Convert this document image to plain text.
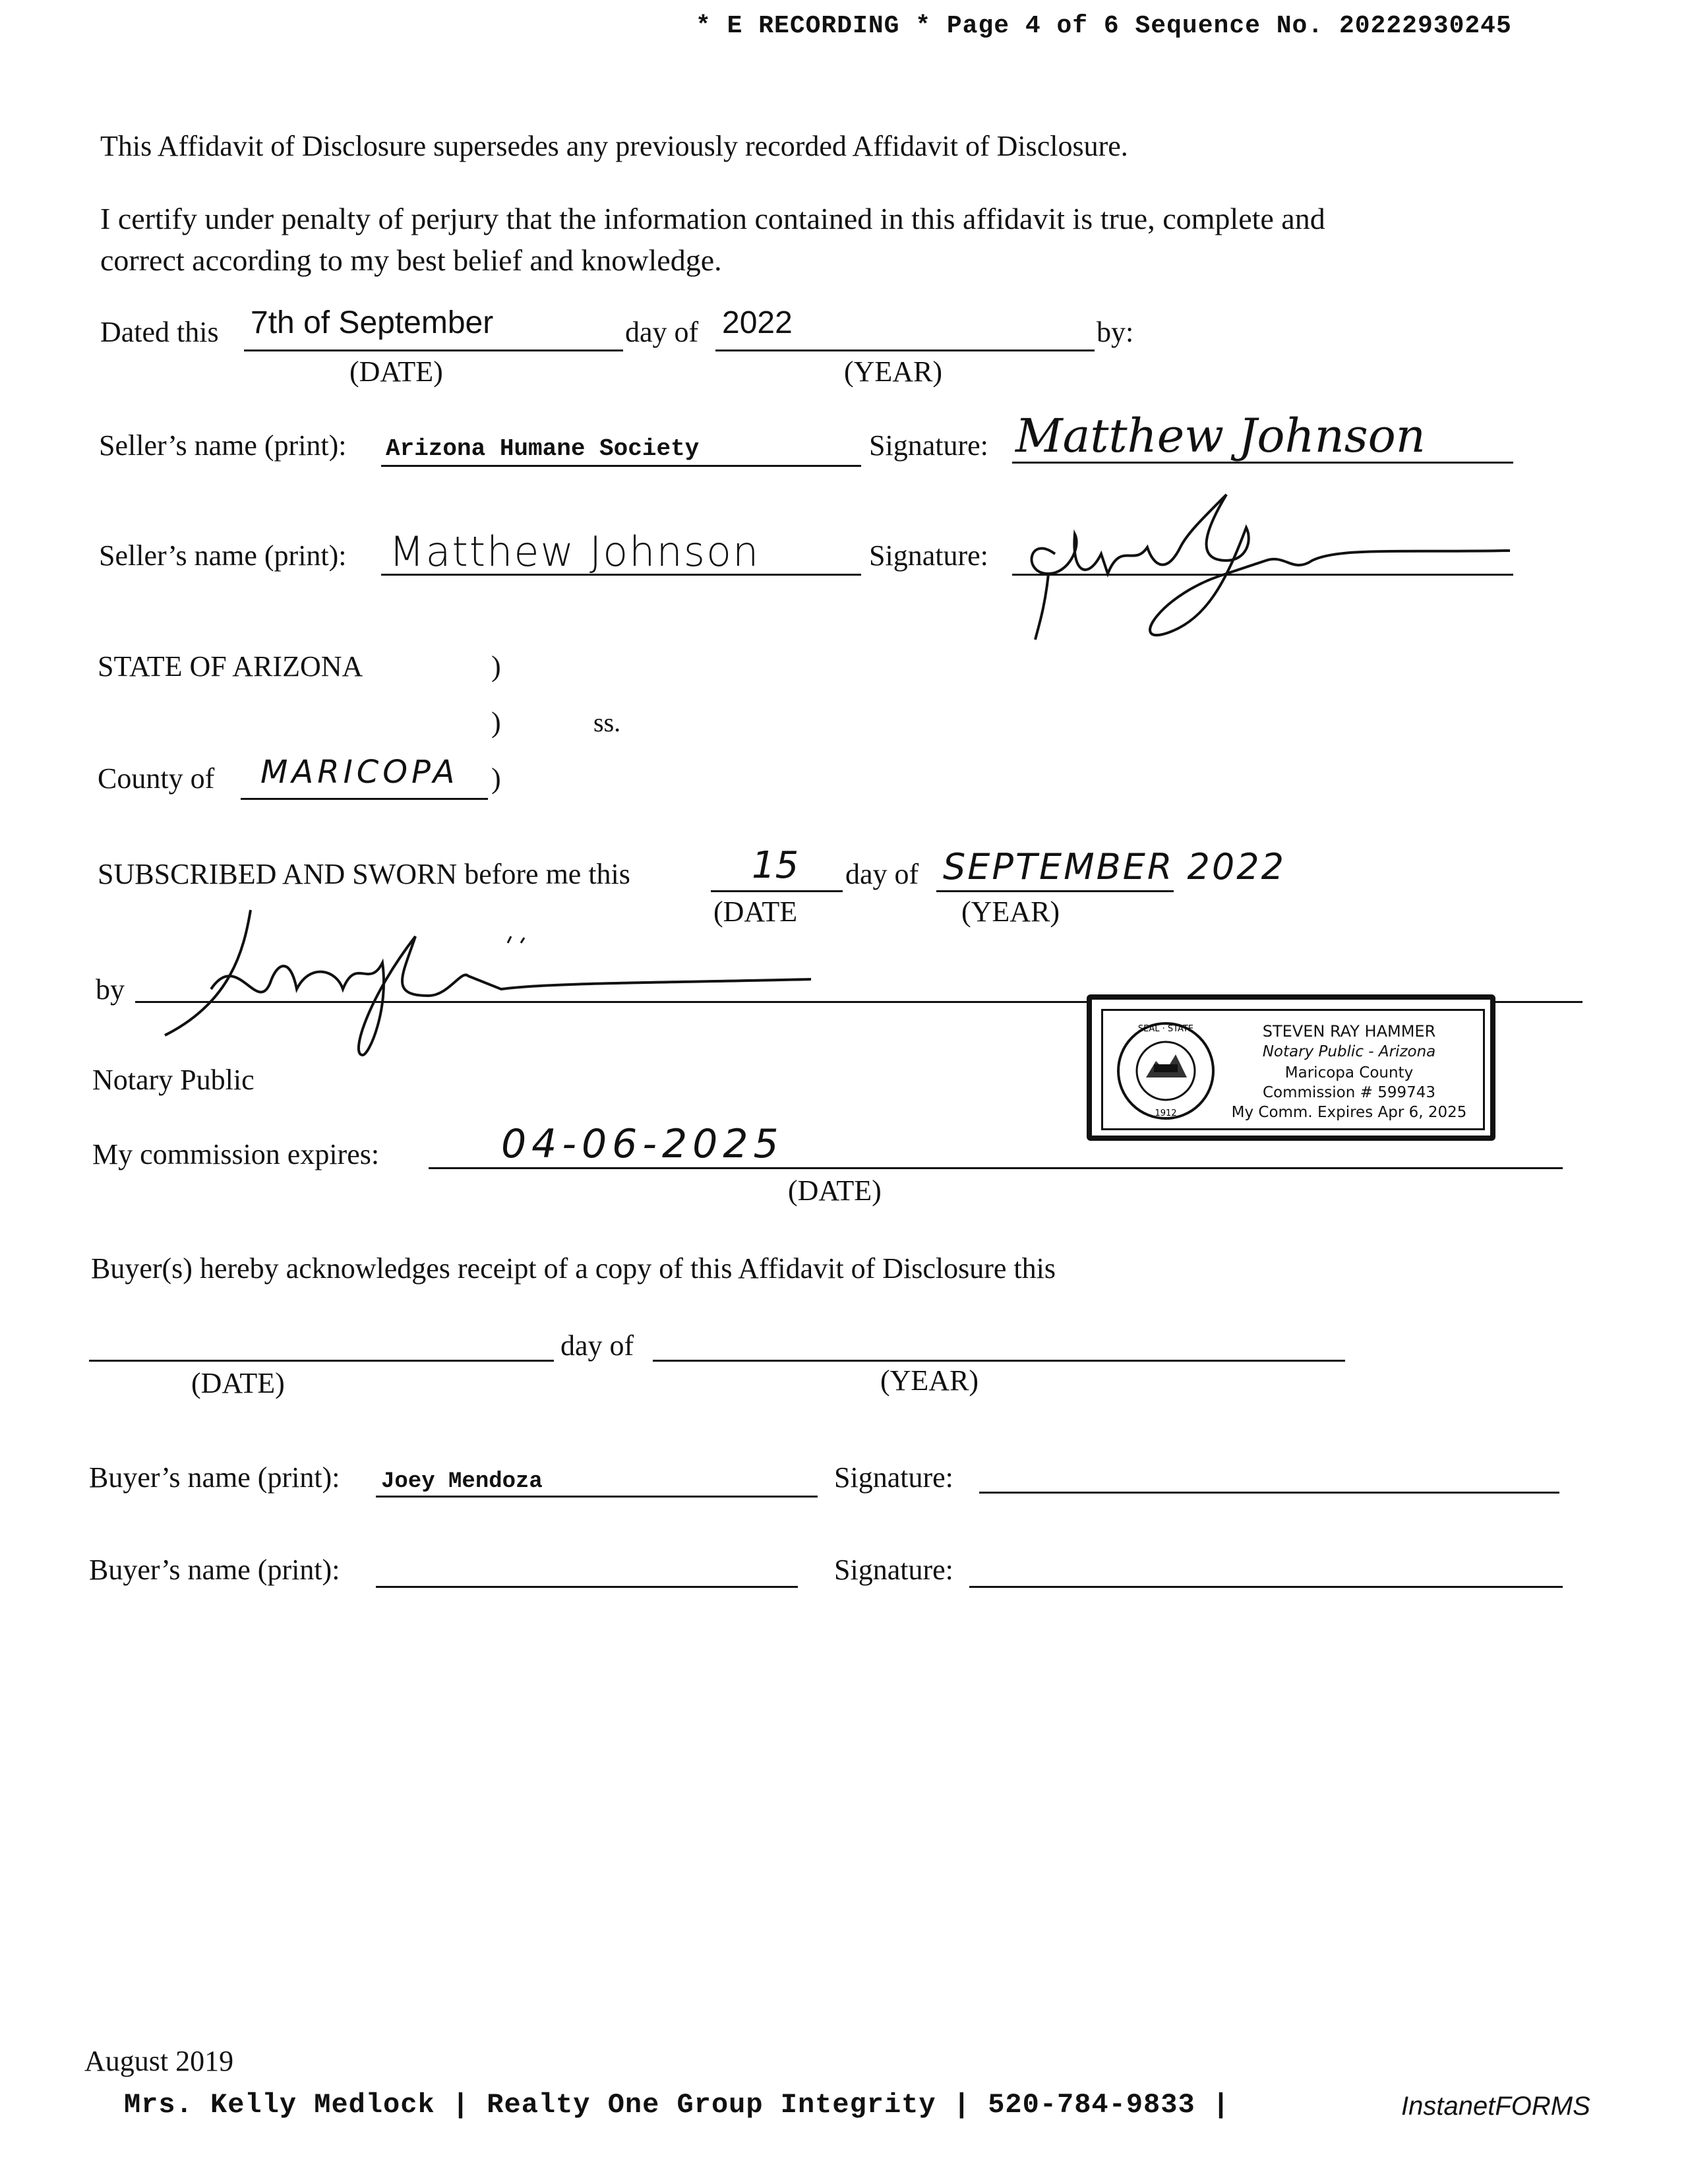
* E RECORDING * Page 4 of 6 Sequence No. 20222930245
This Affidavit of Disclosure supersedes any previously recorded Affidavit of Disclosure.
I certify under penalty of perjury that the information contained in this affidavit is true, complete and
correct according to my best belief and knowledge.
Dated this 7th of September	day of 2022	by:
(DATE)	(YEAR)
Seller’s name (print): Arizona Humane Society	Signature: Matthew Johnson
Seller’s name (print): Matthew Johnson	Signature:
STATE OF ARIZONA	)
)	ss.
County of MARICOPA )
SUBSCRIBED AND SWORN before me this	15 day of SEPTEMBER 2022
(DATE	(YEAR)
by
SEAL · STATE
1912
STEVEN RAY HAMMER
Notary Public - Arizona
Maricopa County
Commission # 599743
My Comm. Expires Apr 6, 2025
Notary Public
My commission expires:	04-06-2025
(DATE)
Buyer(s) hereby acknowledges receipt of a copy of this Affidavit of Disclosure this
day of
(DATE)	(YEAR)
Buyer’s name (print): Joey Mendoza	Signature:
Buyer’s name (print):	Signature:
August 2019
Mrs. Kelly Medlock | Realty One Group Integrity | 520-784-9833 |	InstanetFORMS
